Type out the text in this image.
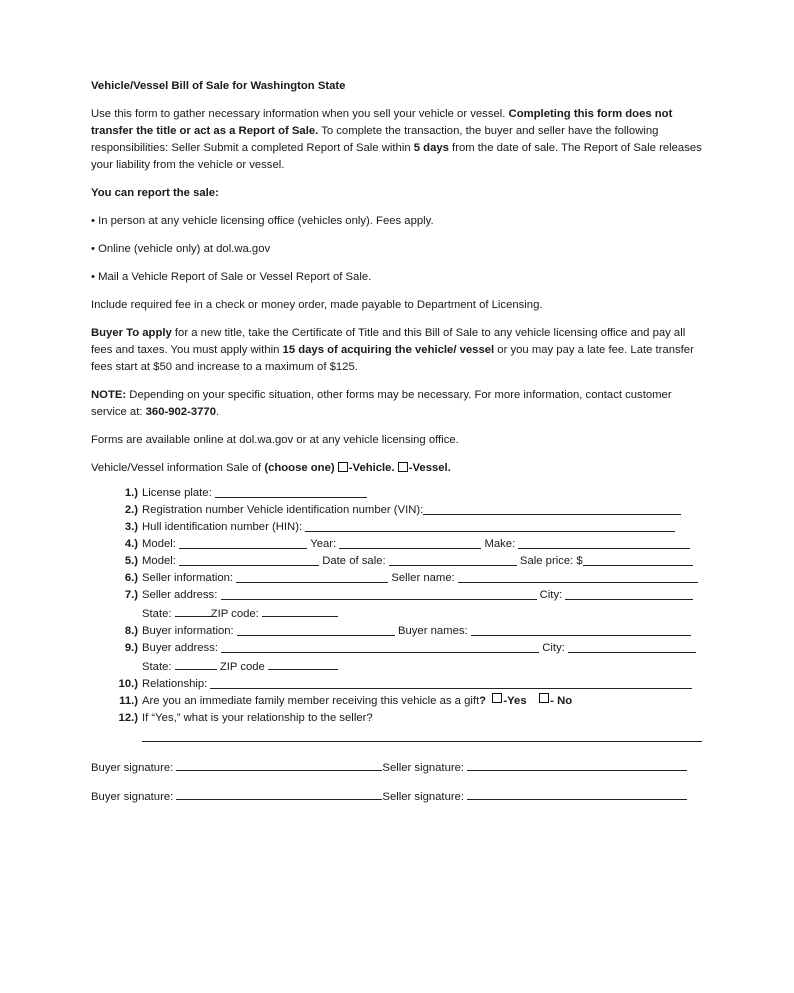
Vehicle/Vessel Bill of Sale for Washington State

Use this form to gather necessary information when you sell your vehicle or vessel. Completing this form does not transfer the title or act as a Report of Sale. To complete the transaction, the buyer and seller have the following responsibilities: Seller Submit a completed Report of Sale within 5 days from the date of sale. The Report of Sale releases your liability from the vehicle or vessel.

You can report the sale:

• In person at any vehicle licensing office (vehicles only). Fees apply.

• Online (vehicle only) at dol.wa.gov

• Mail a Vehicle Report of Sale or Vessel Report of Sale.

Include required fee in a check or money order, made payable to Department of Licensing.

Buyer To apply for a new title, take the Certificate of Title and this Bill of Sale to any vehicle licensing office and pay all fees and taxes. You must apply within 15 days of acquiring the vehicle/ vessel or you may pay a late fee. Late transfer fees start at $50 and increase to a maximum of $125.

NOTE: Depending on your specific situation, other forms may be necessary. For more information, contact customer service at: 360-902-3770.

Forms are available online at dol.wa.gov or at any vehicle licensing office.

Vehicle/Vessel information Sale of (choose one) -Vehicle. -Vessel.

1.) License plate:

2.) Registration number Vehicle identification number (VIN):
3.) Hull identification number (HIN):

4.) Model:

	Year:

	Make:

5.) Model:

	Date of sale:

	Sale price: $
6.) Seller information:

	Seller name:

7.) Seller address:

	City:

State:	ZIP code:
8.) Buyer information:

	Buyer names:

9.) Buyer address:

	City:

State:	ZIP code
10.) Relationship:

11.) Are you an immediate family member receiving this vehicle as a gift ?
-Yes
- No
12.) If “Yes,” what is your relationship to the seller?
Buyer signature:	Seller signature:
Buyer signature:	Seller signature:
